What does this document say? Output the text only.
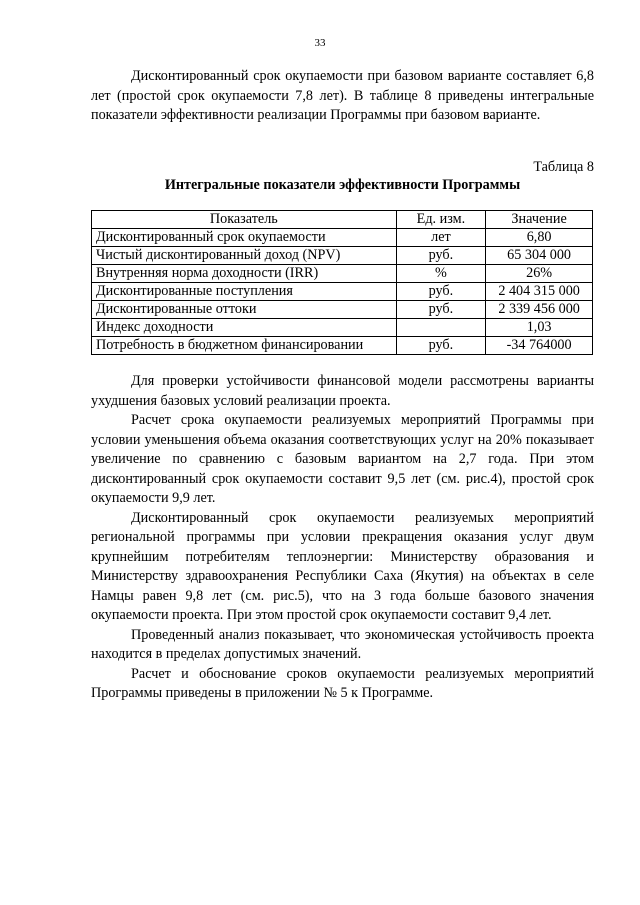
33

Дисконтированный срок окупаемости при базовом варианте составляет 6,8 лет (простой срок окупаемости 7,8 лет). В таблице 8 приведены интегральные показатели эффективности реализации Программы при базовом варианте.

Таблица 8
Интегральные показатели эффективности Программы
Показатель	Ед. изм.	Значение
Дисконтированный срок окупаемости	лет	6,80
Чистый дисконтированный доход (NPV)	руб.	65 304 000
Внутренняя норма доходности (IRR)	%	26%
Дисконтированные поступления	руб.	2 404 315 000
Дисконтированные оттоки	руб.	2 339 456 000
Индекс доходности		1,03
Потребность в бюджетном финансировании	руб.	-34 764000

Для проверки устойчивости финансовой модели рассмотрены варианты ухудшения базовых условий реализации проекта.

Расчет срока окупаемости реализуемых мероприятий Программы при условии уменьшения объема оказания соответствующих услуг на 20% показывает увеличение по сравнению с базовым вариантом на 2,7 года. При этом дисконтированный срок окупаемости составит 9,5 лет (см. рис.4), простой срок окупаемости 9,9 лет.

Дисконтированный срок окупаемости реализуемых мероприятий региональной программы при условии прекращения оказания услуг двум крупнейшим потребителям теплоэнергии: Министерству образования и Министерству здравоохранения Республики Саха (Якутия) на объектах в селе Намцы равен 9,8 лет (см. рис.5), что на 3 года больше базового значения окупаемости проекта. При этом простой срок окупаемости составит 9,4 лет.

Проведенный анализ показывает, что экономическая устойчивость проекта находится в пределах допустимых значений.

Расчет и обоснование сроков окупаемости реализуемых мероприятий Программы приведены в приложении № 5 к Программе.
